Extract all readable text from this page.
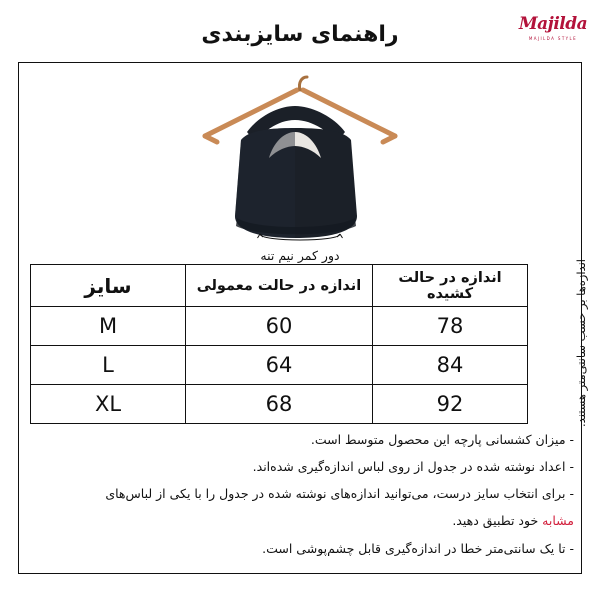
Majilda
MAJILDA STYLE
راهنمای سایزبندی
اندازه‌ها بر حسب سانتی‌متر هستند.
دور کمر نیم تنه
اندازه در حالت کشیده	اندازه در حالت معمولی	سایز
78	60	M
84	64	L
92	68	XL
- میزان کشسانی پارچه این محصول متوسط است.
- اعداد نوشته شده در جدول از روی لباس اندازه‌گیری شده‌اند.
- برای انتخاب سایز درست، می‌توانید اندازه‌های نوشته شده در جدول را با یکی از لباس‌های
مشابه خود تطبیق دهید.
- تا یک سانتی‌متر خطا در اندازه‌گیری قابل چشم‌پوشی است.
